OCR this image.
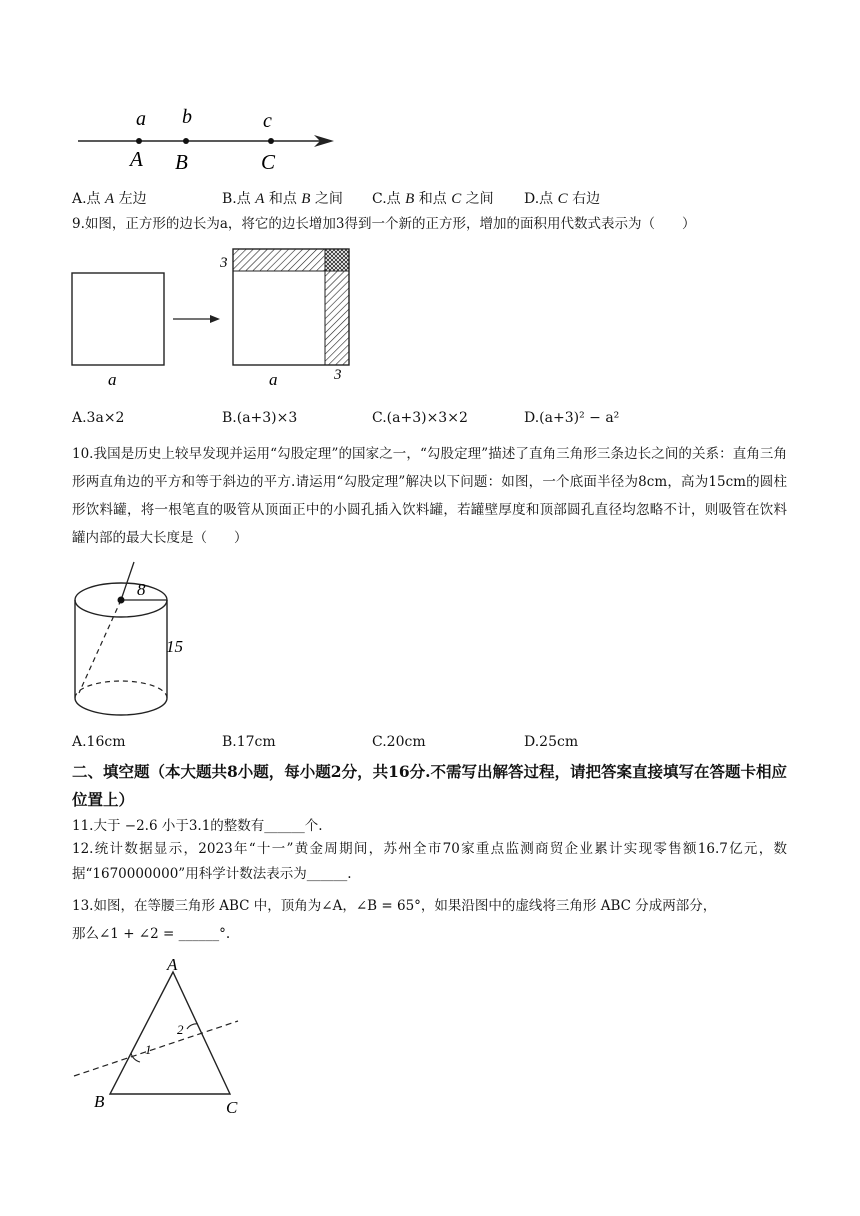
a b	c
A B	C
A.点 A 左边	B.点 A 和点 B 之间 C.点 B 和点 C 之间 D.点 C 右边
9.如图，正方形的边长为a，将它的边长增加3得到一个新的正方形，增加的面积用代数式表示为（　　）
a	a
3
3
A.3a×2	B.(a+3)×3	C.(a+3)×3×2	D.(a+3)² − a²
10.我国是历史上较早发现并运用“勾股定理”的国家之一，“勾股定理”描述了直角三角形三条边长之间的关系：直角三角形两直角边的平方和等于斜边的平方.请运用“勾股定理”解决以下问题：如图，一个底面半径为8cm，高为15cm的圆柱形饮料罐，将一根笔直的吸管从顶面正中的小圆孔插入饮料罐，若罐壁厚度和顶部圆孔直径均忽略不计，则吸管在饮料罐内部的最大长度是（　　）
8
15
A.16cm	B.17cm	C.20cm	D.25cm
二、填空题（本大题共8小题，每小题2分，共16分.不需写出解答过程，请把答案直接填写在答题卡相应位置上）
11.大于 −2.6 小于3.1的整数有______个.
12.统计数据显示，2023年“十一”黄金周期间，苏州全市70家重点监测商贸企业累计实现零售额16.7亿元，数据“1670000000”用科学计数法表示为______.
13.如图，在等腰三角形 ABC 中，顶角为∠A，∠B = 65°，如果沿图中的虚线将三角形 ABC 分成两部分，
那么∠1 + ∠2 = ______°.
A
B	C
1
2
